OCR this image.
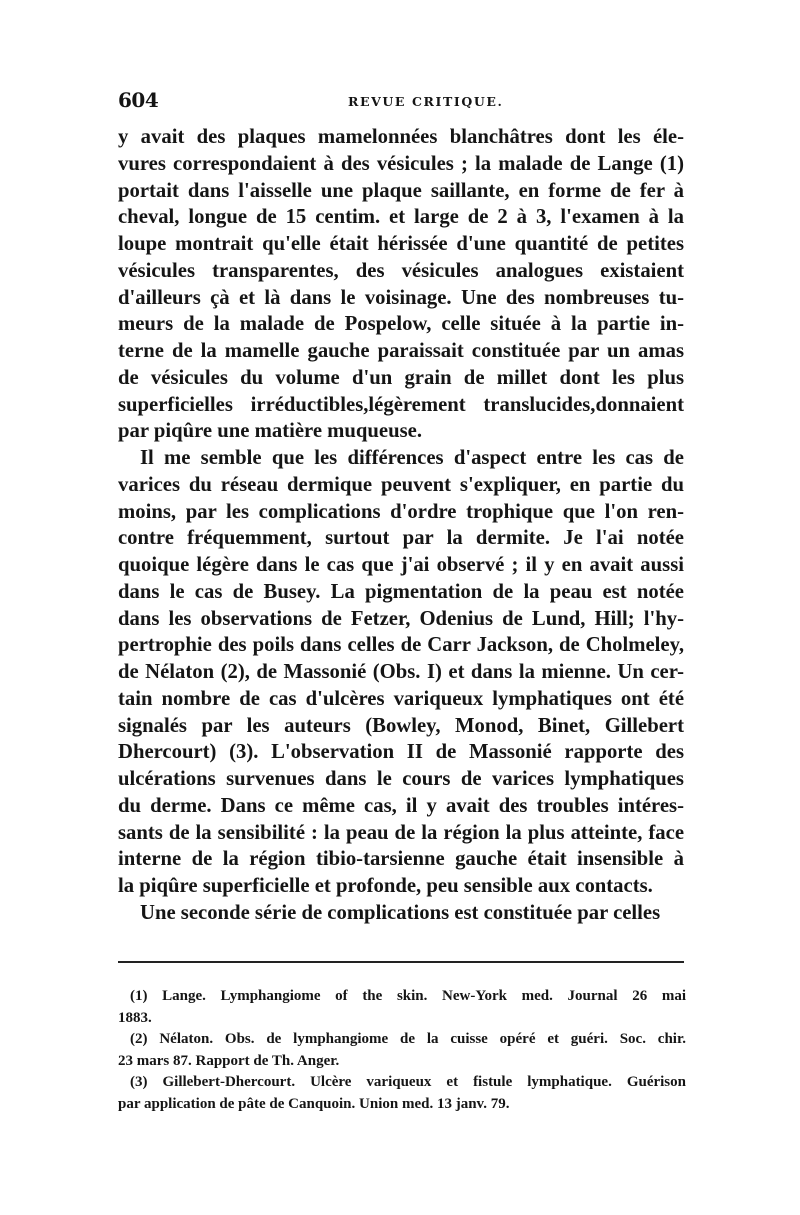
604	REVUE CRITIQUE.
y avait des plaques mamelonnées blanchâtres dont les éle-
vures correspondaient à des vésicules ; la malade de Lange (1)
portait dans l'aisselle une plaque saillante, en forme de fer à
cheval, longue de 15 centim. et large de 2 à 3, l'examen à la
loupe montrait qu'elle était hérissée d'une quantité de petites
vésicules transparentes, des vésicules analogues existaient
d'ailleurs çà et là dans le voisinage. Une des nombreuses tu-
meurs de la malade de Pospelow, celle située à la partie in-
terne de la mamelle gauche paraissait constituée par un amas
de vésicules du volume d'un grain de millet dont les plus
superficielles irréductibles,légèrement translucides,donnaient
par piqûre une matière muqueuse.
Il me semble que les différences d'aspect entre les cas de
varices du réseau dermique peuvent s'expliquer, en partie du
moins, par les complications d'ordre trophique que l'on ren-
contre fréquemment, surtout par la dermite. Je l'ai notée
quoique légère dans le cas que j'ai observé ; il y en avait aussi
dans le cas de Busey. La pigmentation de la peau est notée
dans les observations de Fetzer, Odenius de Lund, Hill; l'hy-
pertrophie des poils dans celles de Carr Jackson, de Cholmeley,
de Nélaton (2), de Massonié (Obs. I) et dans la mienne. Un cer-
tain nombre de cas d'ulcères variqueux lymphatiques ont été
signalés par les auteurs (Bowley, Monod, Binet, Gillebert
Dhercourt) (3). L'observation II de Massonié rapporte des
ulcérations survenues dans le cours de varices lymphatiques
du derme. Dans ce même cas, il y avait des troubles intéres-
sants de la sensibilité : la peau de la région la plus atteinte, face
interne de la région tibio-tarsienne gauche était insensible à
la piqûre superficielle et profonde, peu sensible aux contacts.
Une seconde série de complications est constituée par celles
(1) Lange. Lymphangiome of the skin. New-York med. Journal 26 mai
1883.
(2) Nélaton. Obs. de lymphangiome de la cuisse opéré et guéri. Soc. chir.
23 mars 87. Rapport de Th. Anger.
(3) Gillebert-Dhercourt. Ulcère variqueux et fistule lymphatique. Guérison
par application de pâte de Canquoin. Union med. 13 janv. 79.
